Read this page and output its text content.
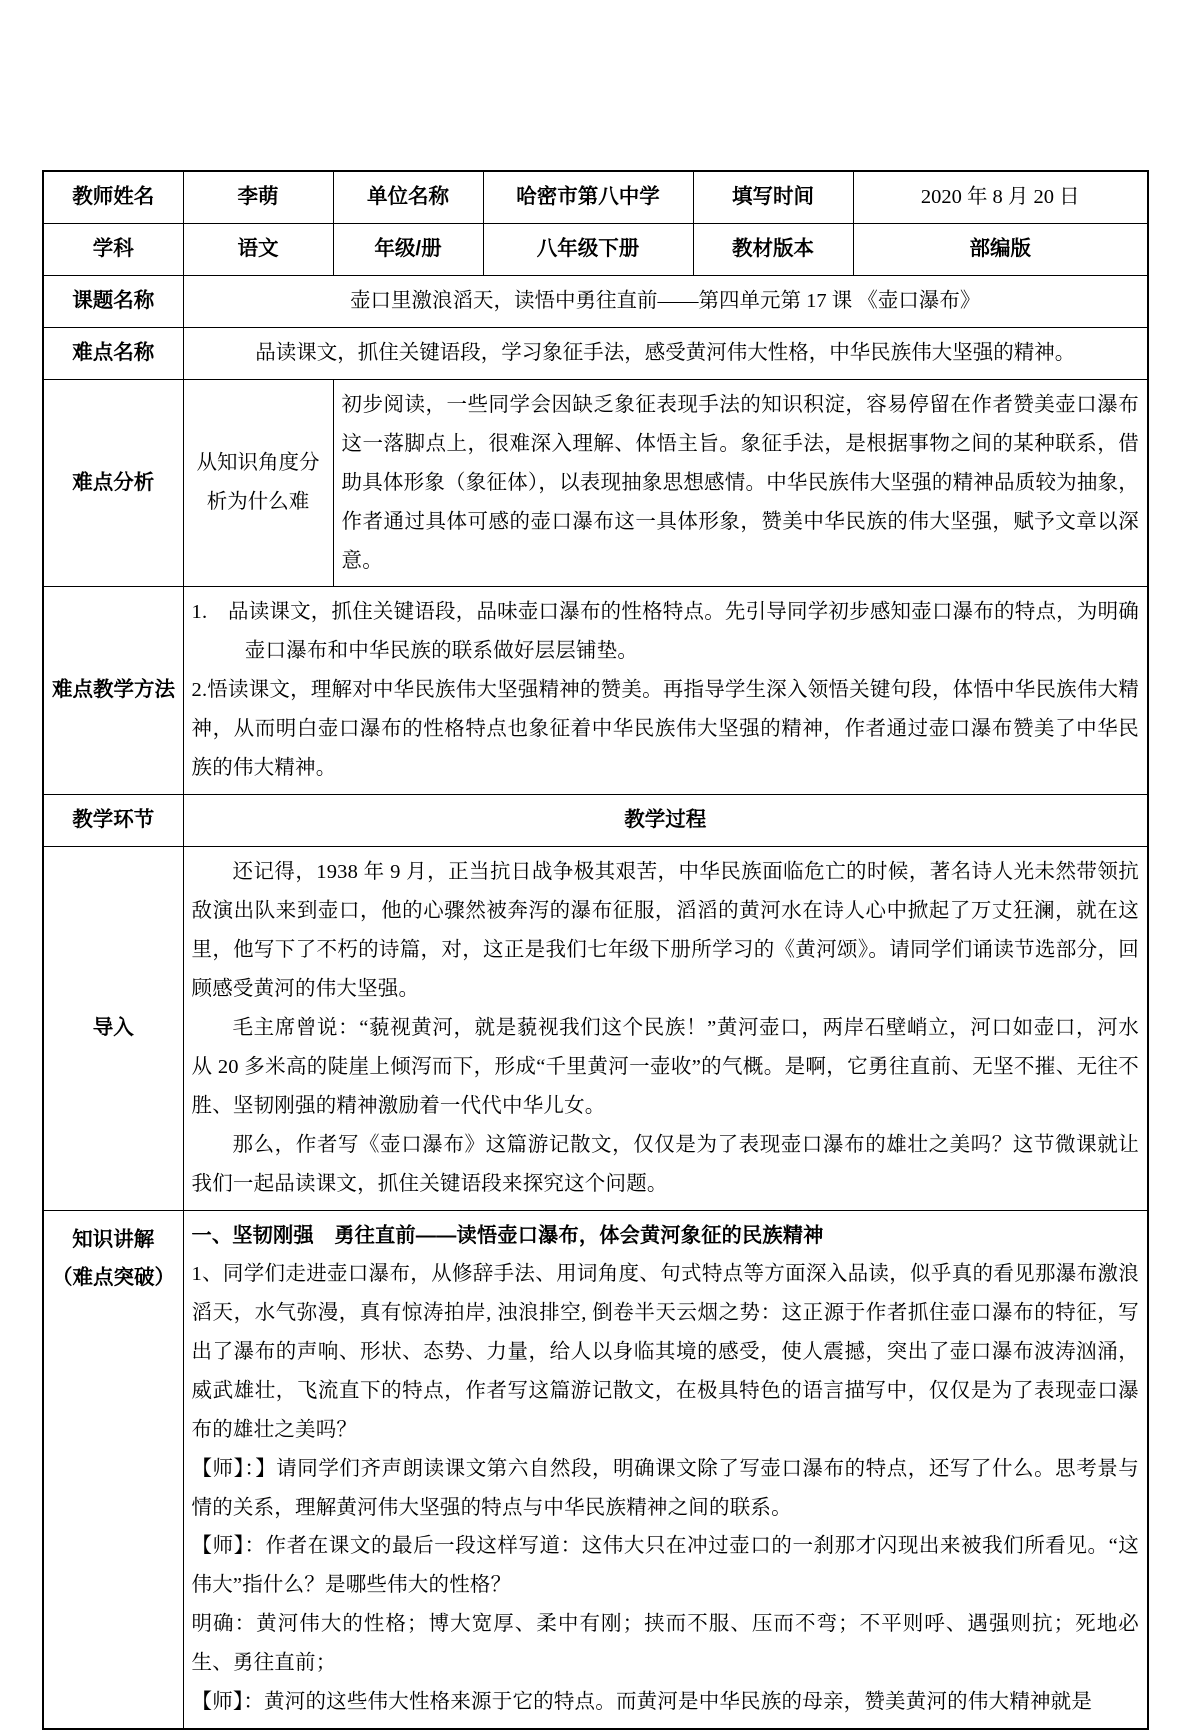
教师姓名	李萌	单位名称	哈密市第八中学	填写时间	2020 年 8 月 20 日
学科	语文	年级/册	八年级下册	教材版本	部编版
课题名称	壶口里激浪滔天，读悟中勇往直前——第四单元第 17 课 《壶口瀑布》				
难点名称	品读课文，抓住关键语段，学习象征手法，感受黄河伟大性格，中华民族伟大坚强的精神。				
难点分析	从知识角度分析为什么难	初步阅读，一些同学会因缺乏象征表现手法的知识积淀，容易停留在作者赞美壶口瀑布这一落脚点上，很难深入理解、体悟主旨。象征手法，是根据事物之间的某种联系，借助具体形象（象征体），以表现抽象思想感情。中华民族伟大坚强的精神品质较为抽象，作者通过具体可感的壶口瀑布这一具体形象，赞美中华民族的伟大坚强，赋予文章以深意。			
难点教学方法	1.　品读课文，抓住关键语段，品味壶口瀑布的性格特点。先引导同学初步感知壶口瀑布的特点，为明确壶口瀑布和中华民族的联系做好层层铺垫。

2.悟读课文，理解对中华民族伟大坚强精神的赞美。再指导学生深入领悟关键句段，体悟中华民族伟大精神，从而明白壶口瀑布的性格特点也象征着中华民族伟大坚强的精神，作者通过壶口瀑布赞美了中华民族的伟大精神。				

教学环节	教学过程				
导入	还记得，1938 年 9 月，正当抗日战争极其艰苦，中华民族面临危亡的时候，著名诗人光未然带领抗敌演出队来到壶口，他的心骤然被奔泻的瀑布征服，滔滔的黄河水在诗人心中掀起了万丈狂澜，就在这里，他写下了不朽的诗篇，对，这正是我们七年级下册所学习的《黄河颂》。请同学们诵读节选部分，回顾感受黄河的伟大坚强。

毛主席曾说：“藐视黄河，就是藐视我们这个民族！”黄河壶口，两岸石壁峭立，河口如壶口，河水从 20 多米高的陡崖上倾泻而下，形成“千里黄河一壶收”的气概。是啊，它勇往直前、无坚不摧、无往不胜、坚韧刚强的精神激励着一代代中华儿女。

那么，作者写《壶口瀑布》这篇游记散文，仅仅是为了表现壶口瀑布的雄壮之美吗？这节微课就让我们一起品读课文，抓住关键语段来探究这个问题。				

知识讲解
（难点突破）

一、坚韧刚强　勇往直前——读悟壶口瀑布，体会黄河象征的民族精神

1、同学们走进壶口瀑布，从修辞手法、用词角度、句式特点等方面深入品读，似乎真的看见那瀑布激浪滔天，水气弥漫，真有惊涛拍岸, 浊浪排空, 倒卷半天云烟之势：这正源于作者抓住壶口瀑布的特征，写出了瀑布的声响、形状、态势、力量，给人以身临其境的感受，使人震撼，突出了壶口瀑布波涛汹涌，威武雄壮，飞流直下的特点，作者写这篇游记散文，在极具特色的语言描写中，仅仅是为了表现壶口瀑布的雄壮之美吗？

【师】：】请同学们齐声朗读课文第六自然段，明确课文除了写壶口瀑布的特点，还写了什么。思考景与情的关系，理解黄河伟大坚强的特点与中华民族精神之间的联系。

【师】：作者在课文的最后一段这样写道：这伟大只在冲过壶口的一刹那才闪现出来被我们所看见。“这伟大”指什么？是哪些伟大的性格？

明确：黄河伟大的性格；博大宽厚、柔中有刚；挟而不服、压而不弯；不平则呼、遇强则抗；死地必生、勇往直前；

【师】：黄河的这些伟大性格来源于它的特点。而黄河是中华民族的母亲，赞美黄河的伟大精神就是
